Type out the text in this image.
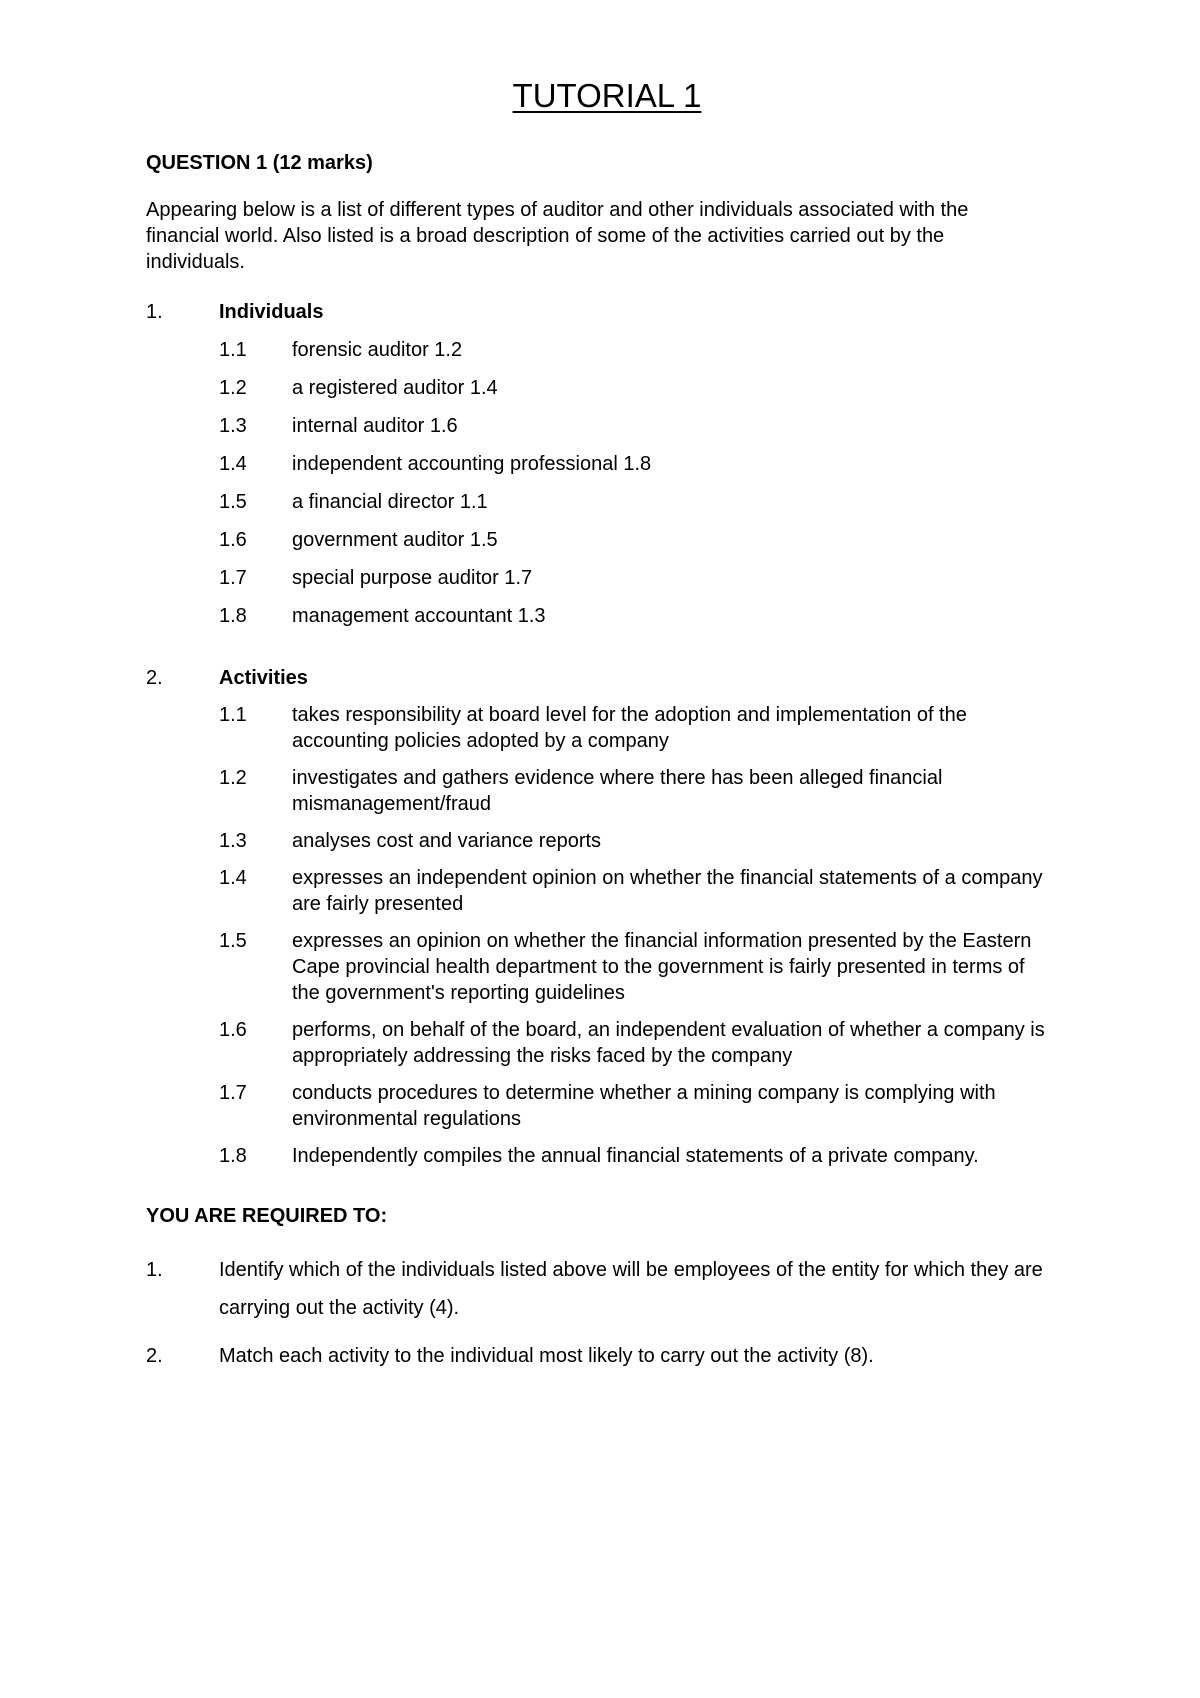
TUTORIAL 1
QUESTION 1 (12 marks)
Appearing below is a list of different types of auditor and other individuals associated with the financial world. Also listed is a broad description of some of the activities carried out by the individuals.
1.	Individuals
1.1	forensic auditor 1.2
1.2	a registered auditor 1.4
1.3	internal auditor 1.6
1.4	independent accounting professional 1.8
1.5	a financial director 1.1
1.6	government auditor 1.5
1.7	special purpose auditor 1.7
1.8	management accountant 1.3
2.	Activities
1.1	takes responsibility at board level for the adoption and implementation of the accounting policies adopted by a company
1.2	investigates and gathers evidence where there has been alleged financial mismanagement/fraud
1.3	analyses cost and variance reports
1.4	expresses an independent opinion on whether the financial statements of a company are fairly presented
1.5	expresses an opinion on whether the financial information presented by the Eastern Cape provincial health department to the government is fairly presented in terms of the government's reporting guidelines
1.6	performs, on behalf of the board, an independent evaluation of whether a company is appropriately addressing the risks faced by the company
1.7	conducts procedures to determine whether a mining company is complying with environmental regulations
1.8	Independently compiles the annual financial statements of a private company.
YOU ARE REQUIRED TO:
1.	Identify which of the individuals listed above will be employees of the entity for which they are carrying out the activity (4).
2.	Match each activity to the individual most likely to carry out the activity (8).
